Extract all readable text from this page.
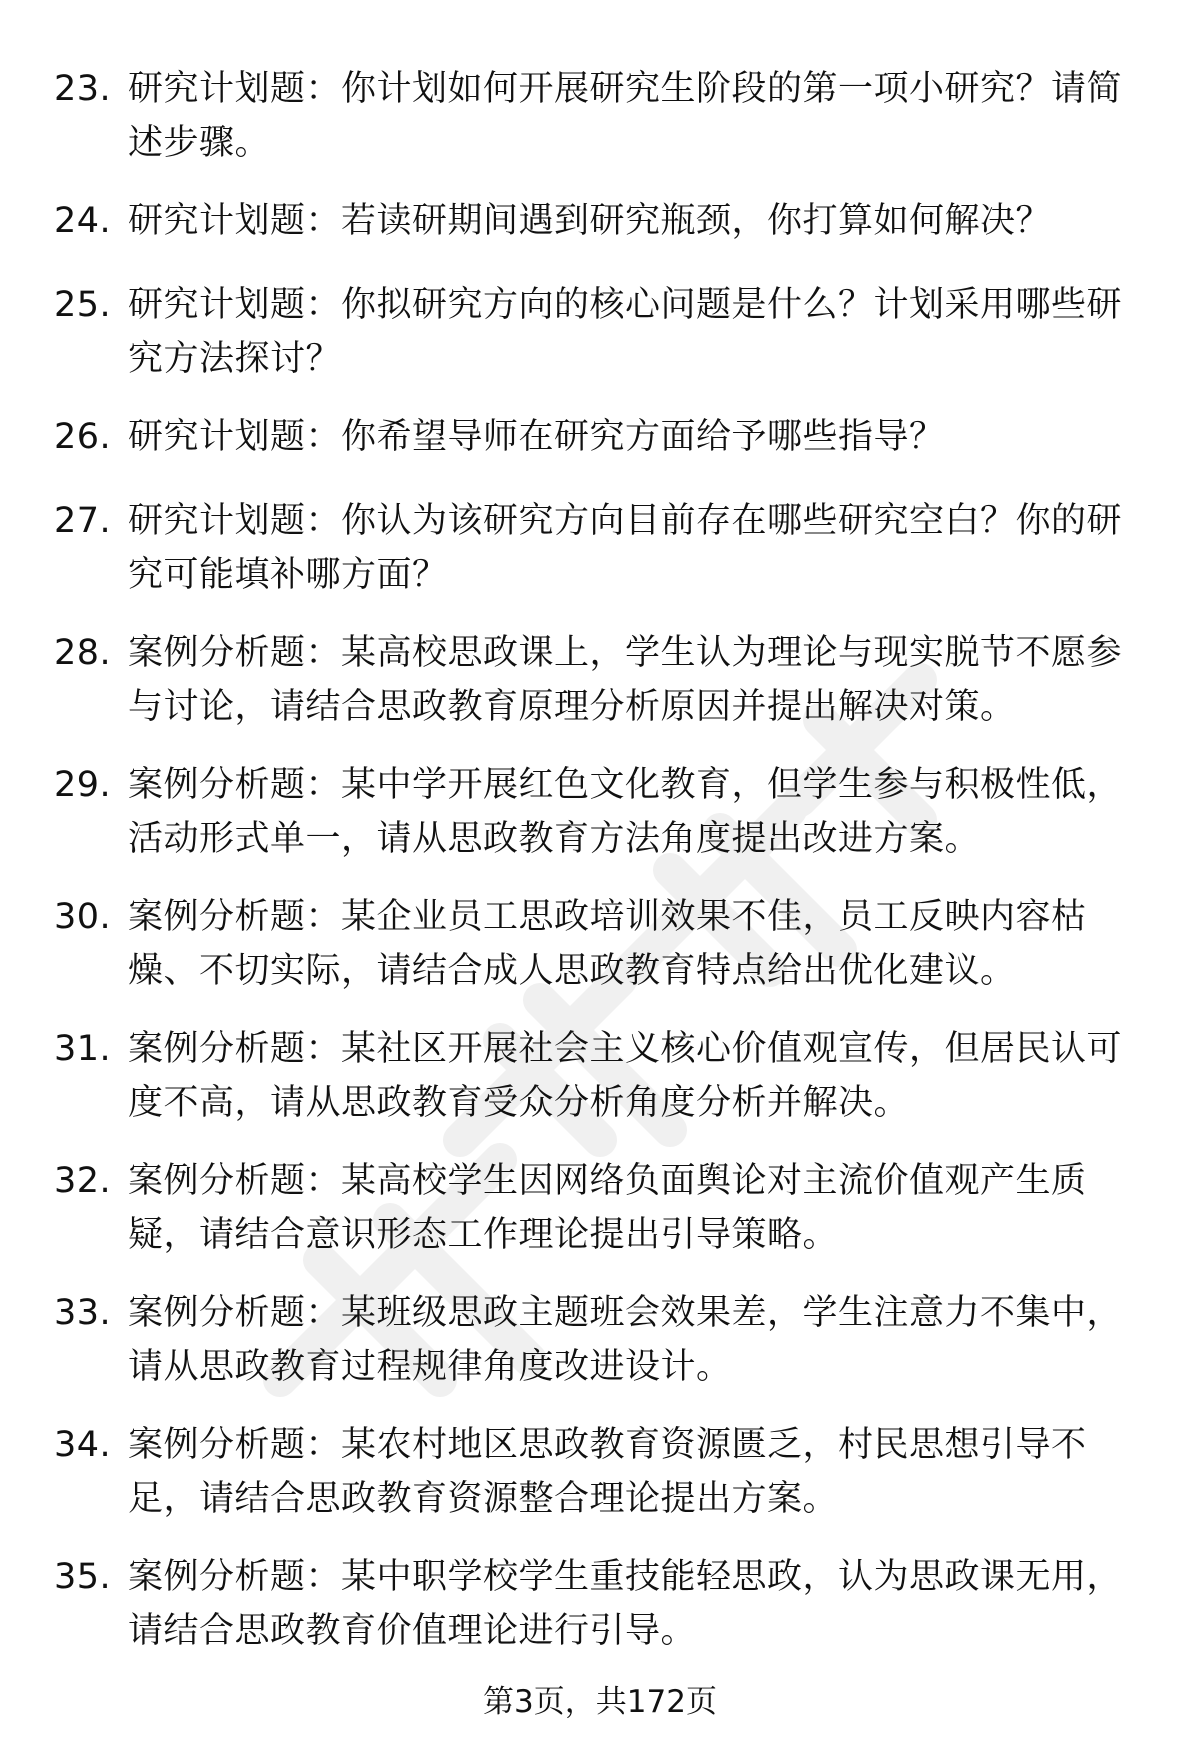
23. 研究计划题：你计划如何开展研究生阶段的第一项小研究？请简
述步骤。
24. 研究计划题：若读研期间遇到研究瓶颈，你打算如何解决？
25. 研究计划题：你拟研究方向的核心问题是什么？计划采用哪些研
究方法探讨？
26. 研究计划题：你希望导师在研究方面给予哪些指导？
27. 研究计划题：你认为该研究方向目前存在哪些研究空白？你的研
究可能填补哪方面？
28. 案例分析题：某高校思政课上，学生认为理论与现实脱节不愿参
与讨论，请结合思政教育原理分析原因并提出解决对策。
29. 案例分析题：某中学开展红色文化教育，但学生参与积极性低，
活动形式单一，请从思政教育方法角度提出改进方案。
30. 案例分析题：某企业员工思政培训效果不佳，员工反映内容枯
燥、不切实际，请结合成人思政教育特点给出优化建议。
31. 案例分析题：某社区开展社会主义核心价值观宣传，但居民认可
度不高，请从思政教育受众分析角度分析并解决。
32. 案例分析题：某高校学生因网络负面舆论对主流价值观产生质
疑，请结合意识形态工作理论提出引导策略。
33. 案例分析题：某班级思政主题班会效果差，学生注意力不集中，
请从思政教育过程规律角度改进设计。
34. 案例分析题：某农村地区思政教育资源匮乏，村民思想引导不
足，请结合思政教育资源整合理论提出方案。
35. 案例分析题：某中职学校学生重技能轻思政，认为思政课无用，
请结合思政教育价值理论进行引导。
第3页，共172页
